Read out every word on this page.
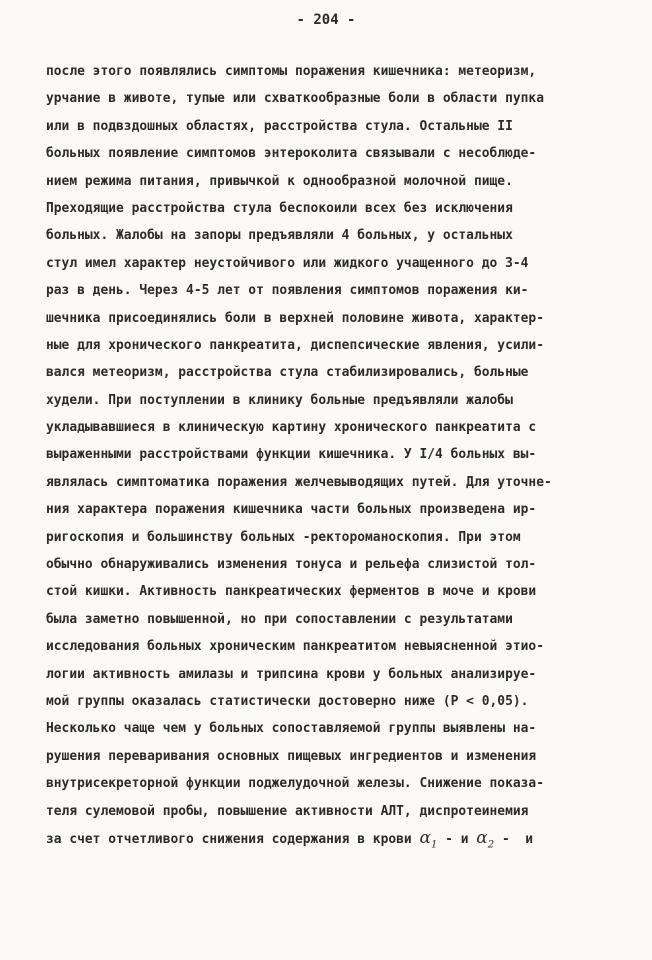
- 204 -
после этого появлялись симптомы поражения кишечника: метеоризм,
урчание в животе, тупые или схваткообразные боли в области пупка
или в подвздошных областях, расстройства стула. Остальные II
больных появление симптомов энтероколита связывали с несоблюде-
нием режима питания, привычкой к однообразной молочной пище.
Преходящие расстройства стула беспокоили всех без исключения
больных. Жалобы на запоры предъявляли 4 больных, у остальных
стул имел характер неустойчивого или жидкого учащенного до 3-4
раз в день. Через 4-5 лет от появления симптомов поражения ки-
шечника присоединялись боли в верхней половине живота, характер-
ные для хронического панкреатита, диспепсические явления, усили-
вался метеоризм, расстройства стула стабилизировались, больные
худели. При поступлении в клинику больные предъявляли жалобы
укладывавшиеся в клиническую картину хронического панкреатита с
выраженными расстройствами функции кишечника. У I/4 больных вы-
являлась симптоматика поражения желчевыводящих путей. Для уточне-
ния характера поражения кишечника части больных произведена ир-
ригоскопия и большинству больных -ректороманоскопия. При этом
обычно обнаруживались изменения тонуса и рельефа слизистой тол-
стой кишки. Активность панкреатических ферментов в моче и крови
была заметно повышенной, но при сопоставлении с результатами
исследования больных хроническим панкреатитом невыясненной этио-
логии активность амилазы и трипсина крови у больных анализируе-
мой группы оказалась статистически достоверно ниже (Р < 0,05).
Несколько чаще чем у больных сопоставляемой группы выявлены на-
рушения переваривания основных пищевых ингредиентов и изменения
внутрисекреторной функции поджелудочной железы. Снижение показа-
теля сулемовой пробы, повышение активности АЛТ, диспротеинемия
за счет отчетливого снижения содержания в крови $\alpha_1$ - и $\alpha_2$ -  и
